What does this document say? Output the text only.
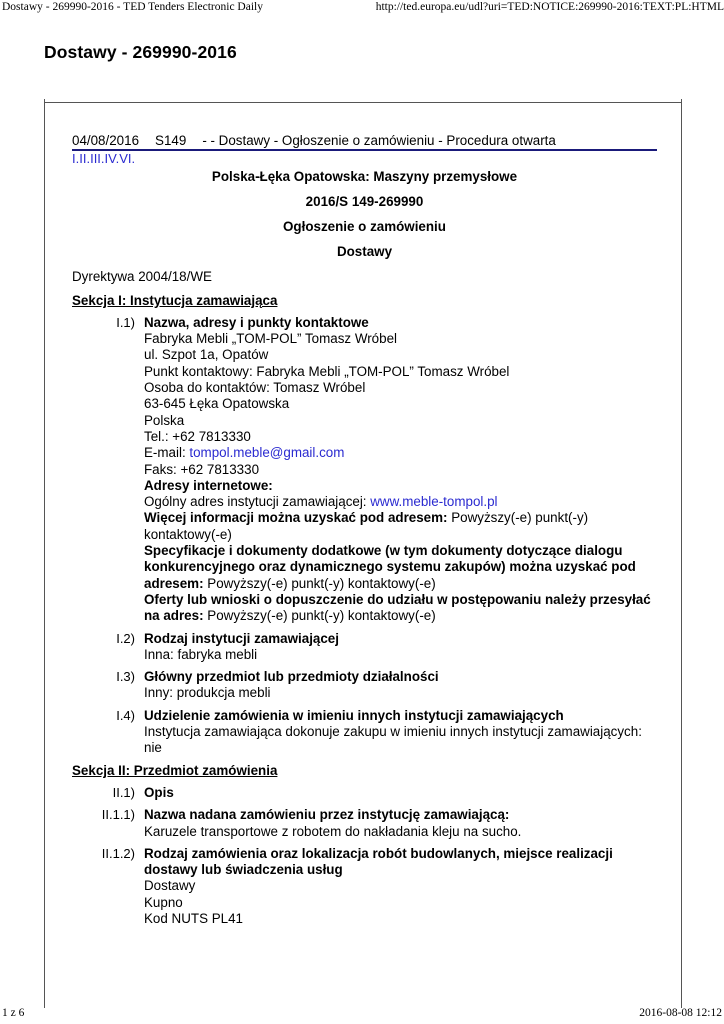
Dostawy - 269990-2016 - TED Tenders Electronic Daily	http://ted.europa.eu/udl?uri=TED:NOTICE:269990-2016:TEXT:PL:HTML
Dostawy - 269990-2016
04/08/2016 S149 - - Dostawy - Ogłoszenie o zamówieniu - Procedura otwarta
I.II.III.IV.VI.
Polska-Łęka Opatowska: Maszyny przemysłowe
2016/S 149-269990
Ogłoszenie o zamówieniu
Dostawy
Dyrektywa 2004/18/WE
Sekcja I: Instytucja zamawiająca
I.1) Nazwa, adresy i punkty kontaktowe
Fabryka Mebli „TOM-POL” Tomasz Wróbel
ul. Szpot 1a, Opatów
Punkt kontaktowy: Fabryka Mebli „TOM-POL” Tomasz Wróbel
Osoba do kontaktów: Tomasz Wróbel
63-645 Łęka Opatowska
Polska
Tel.: +62 7813330
E-mail: tompol.meble@gmail.com
Faks: +62 7813330
Adresy internetowe:
Ogólny adres instytucji zamawiającej: www.meble-tompol.pl
Więcej informacji można uzyskać pod adresem: Powyższy(-e) punkt(-y) kontaktowy(-e)
Specyfikacje i dokumenty dodatkowe (w tym dokumenty dotyczące dialogu konkurencyjnego oraz dynamicznego systemu zakupów) można uzyskać pod adresem: Powyższy(-e) punkt(-y) kontaktowy(-e)
Oferty lub wnioski o dopuszczenie do udziału w postępowaniu należy przesyłać na adres: Powyższy(-e) punkt(-y) kontaktowy(-e)
I.2) Rodzaj instytucji zamawiającej
Inna: fabryka mebli
I.3) Główny przedmiot lub przedmioty działalności
Inny: produkcja mebli
I.4) Udzielenie zamówienia w imieniu innych instytucji zamawiających
Instytucja zamawiająca dokonuje zakupu w imieniu innych instytucji zamawiających: nie
Sekcja II: Przedmiot zamówienia
II.1) Opis
II.1.1) Nazwa nadana zamówieniu przez instytucję zamawiającą:
Karuzele transportowe z robotem do nakładania kleju na sucho.
II.1.2) Rodzaj zamówienia oraz lokalizacja robót budowlanych, miejsce realizacji dostawy lub świadczenia usług
Dostawy
Kupno
Kod NUTS PL41
1 z 6	2016-08-08 12:12
